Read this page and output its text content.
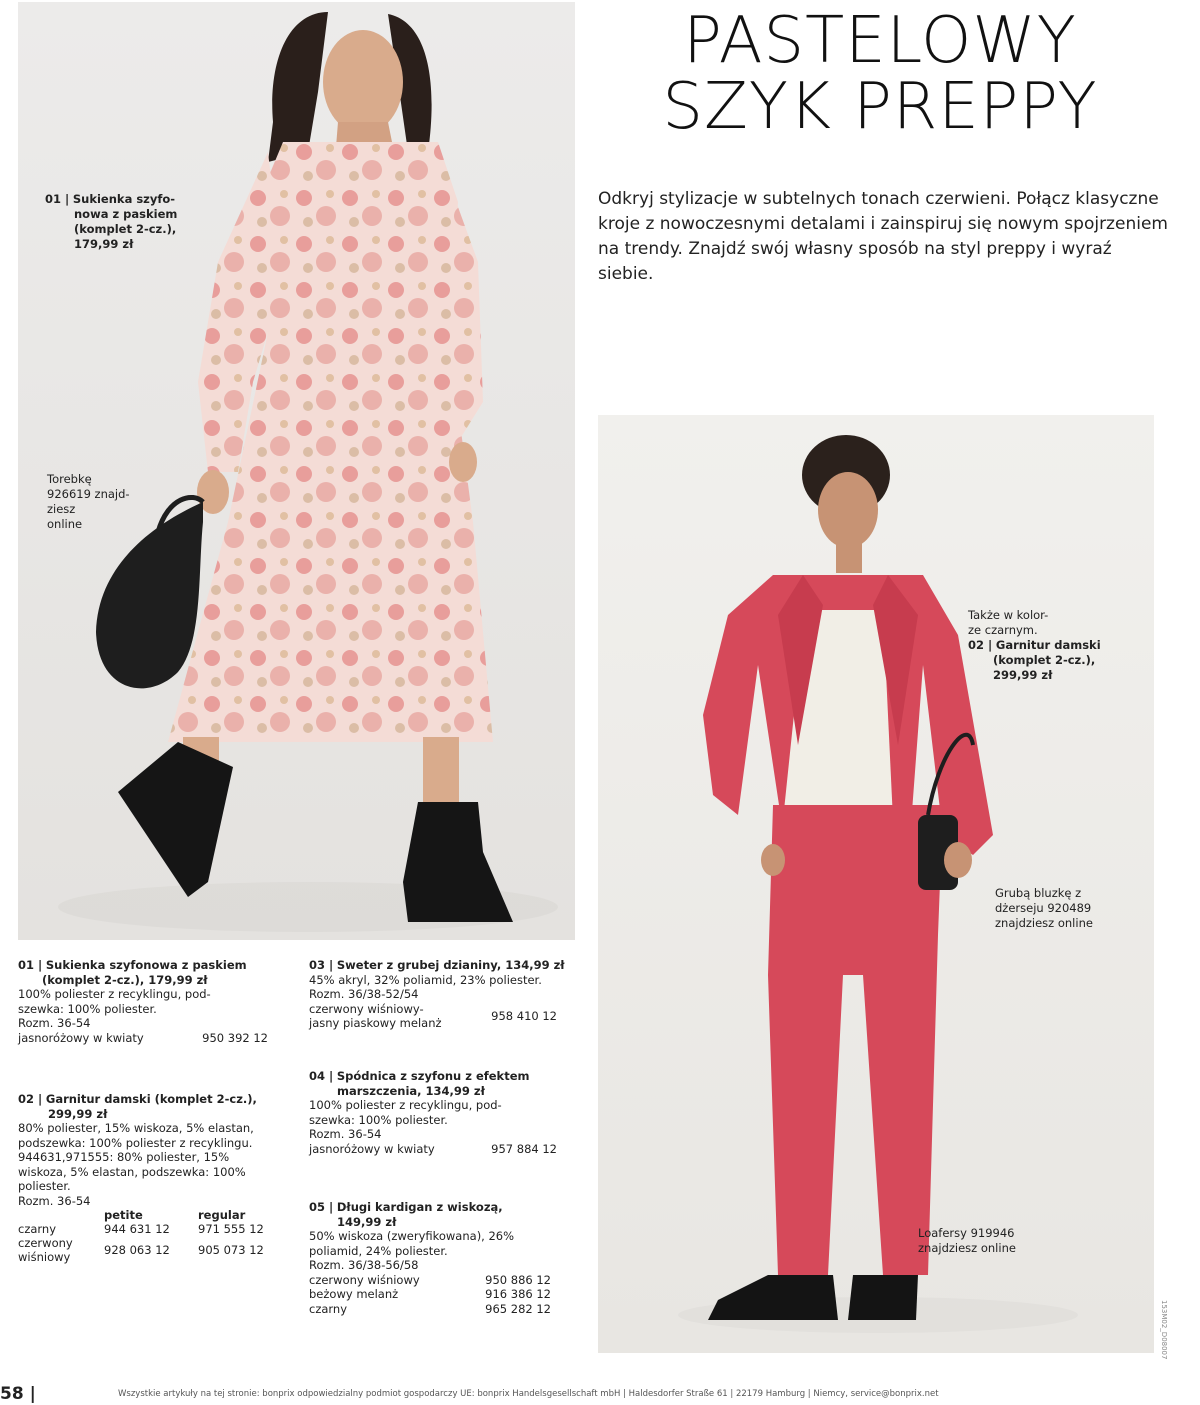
01 | Sukienka szyfo-
nowa z paskiem
(komplet 2-cz.),
179,99 zł
Torebkę
926619 znajd-
ziesz
online
PASTELOWY
SZYK PREPPY
Odkryj stylizacje w subtelnych tonach czerwieni. Połącz klasyczne kroje z nowoczesnymi detalami i zainspiruj się nowym spojrzeniem na trendy. Znajdź swój własny sposób na styl preppy i wyraź siebie.
Także w kolor-
ze czarnym.
02 | Garnitur damski
(komplet 2-cz.),
299,99 zł
Grubą bluzkę z
dżerseju 920489
znajdziesz online
Loafersy 919946
znajdziesz online
01 | Sukienka szyfonowa z paskiem
(komplet 2-cz.), 179,99 zł
100% poliester z recyklingu, pod-
szewka: 100% poliester.
Rozm. 36-54
jasnoróżowy w kwiaty	950 392 12
02 | Garnitur damski (komplet 2-cz.),
299,99 zł
80% poliester, 15% wiskoza, 5% elastan,
podszewka: 100% poliester z recyklingu.
944631,971555: 80% poliester, 15%
wiskoza, 5% elastan, podszewka: 100%
poliester.
Rozm. 36-54
	petite	regular
czarny	944 631 12	971 555 12

czerwony
wiśniowy	928 063 12	905 073 12
03 | Sweter z grubej dzianiny, 134,99 zł
45% akryl, 32% poliamid, 23% poliester.
Rozm. 36/38-52/54
czerwony wiśniowy-
jasny piaskowy melanż
958 410 12
04 | Spódnica z szyfonu z efektem
marszczenia, 134,99 zł
100% poliester z recyklingu, pod-
szewka: 100% poliester.
Rozm. 36-54
jasnoróżowy w kwiaty	957 884 12
05 | Długi kardigan z wiskozą,
149,99 zł
50% wiskoza (zweryfikowana), 26%
poliamid, 24% poliester.
Rozm. 36/38-56/58
czerwony wiśniowy	950 886 12
beżowy melanż	916 386 12
czarny	965 282 12
58 |	Wszystkie artykuły na tej stronie: bonprix odpowiedzialny podmiot gospodarczy UE: bonprix Handelsgesellschaft mbH | Haldesdorfer Straße 61 | 22179 Hamburg | Niemcy, service@bonprix.net
153M02_D08007
